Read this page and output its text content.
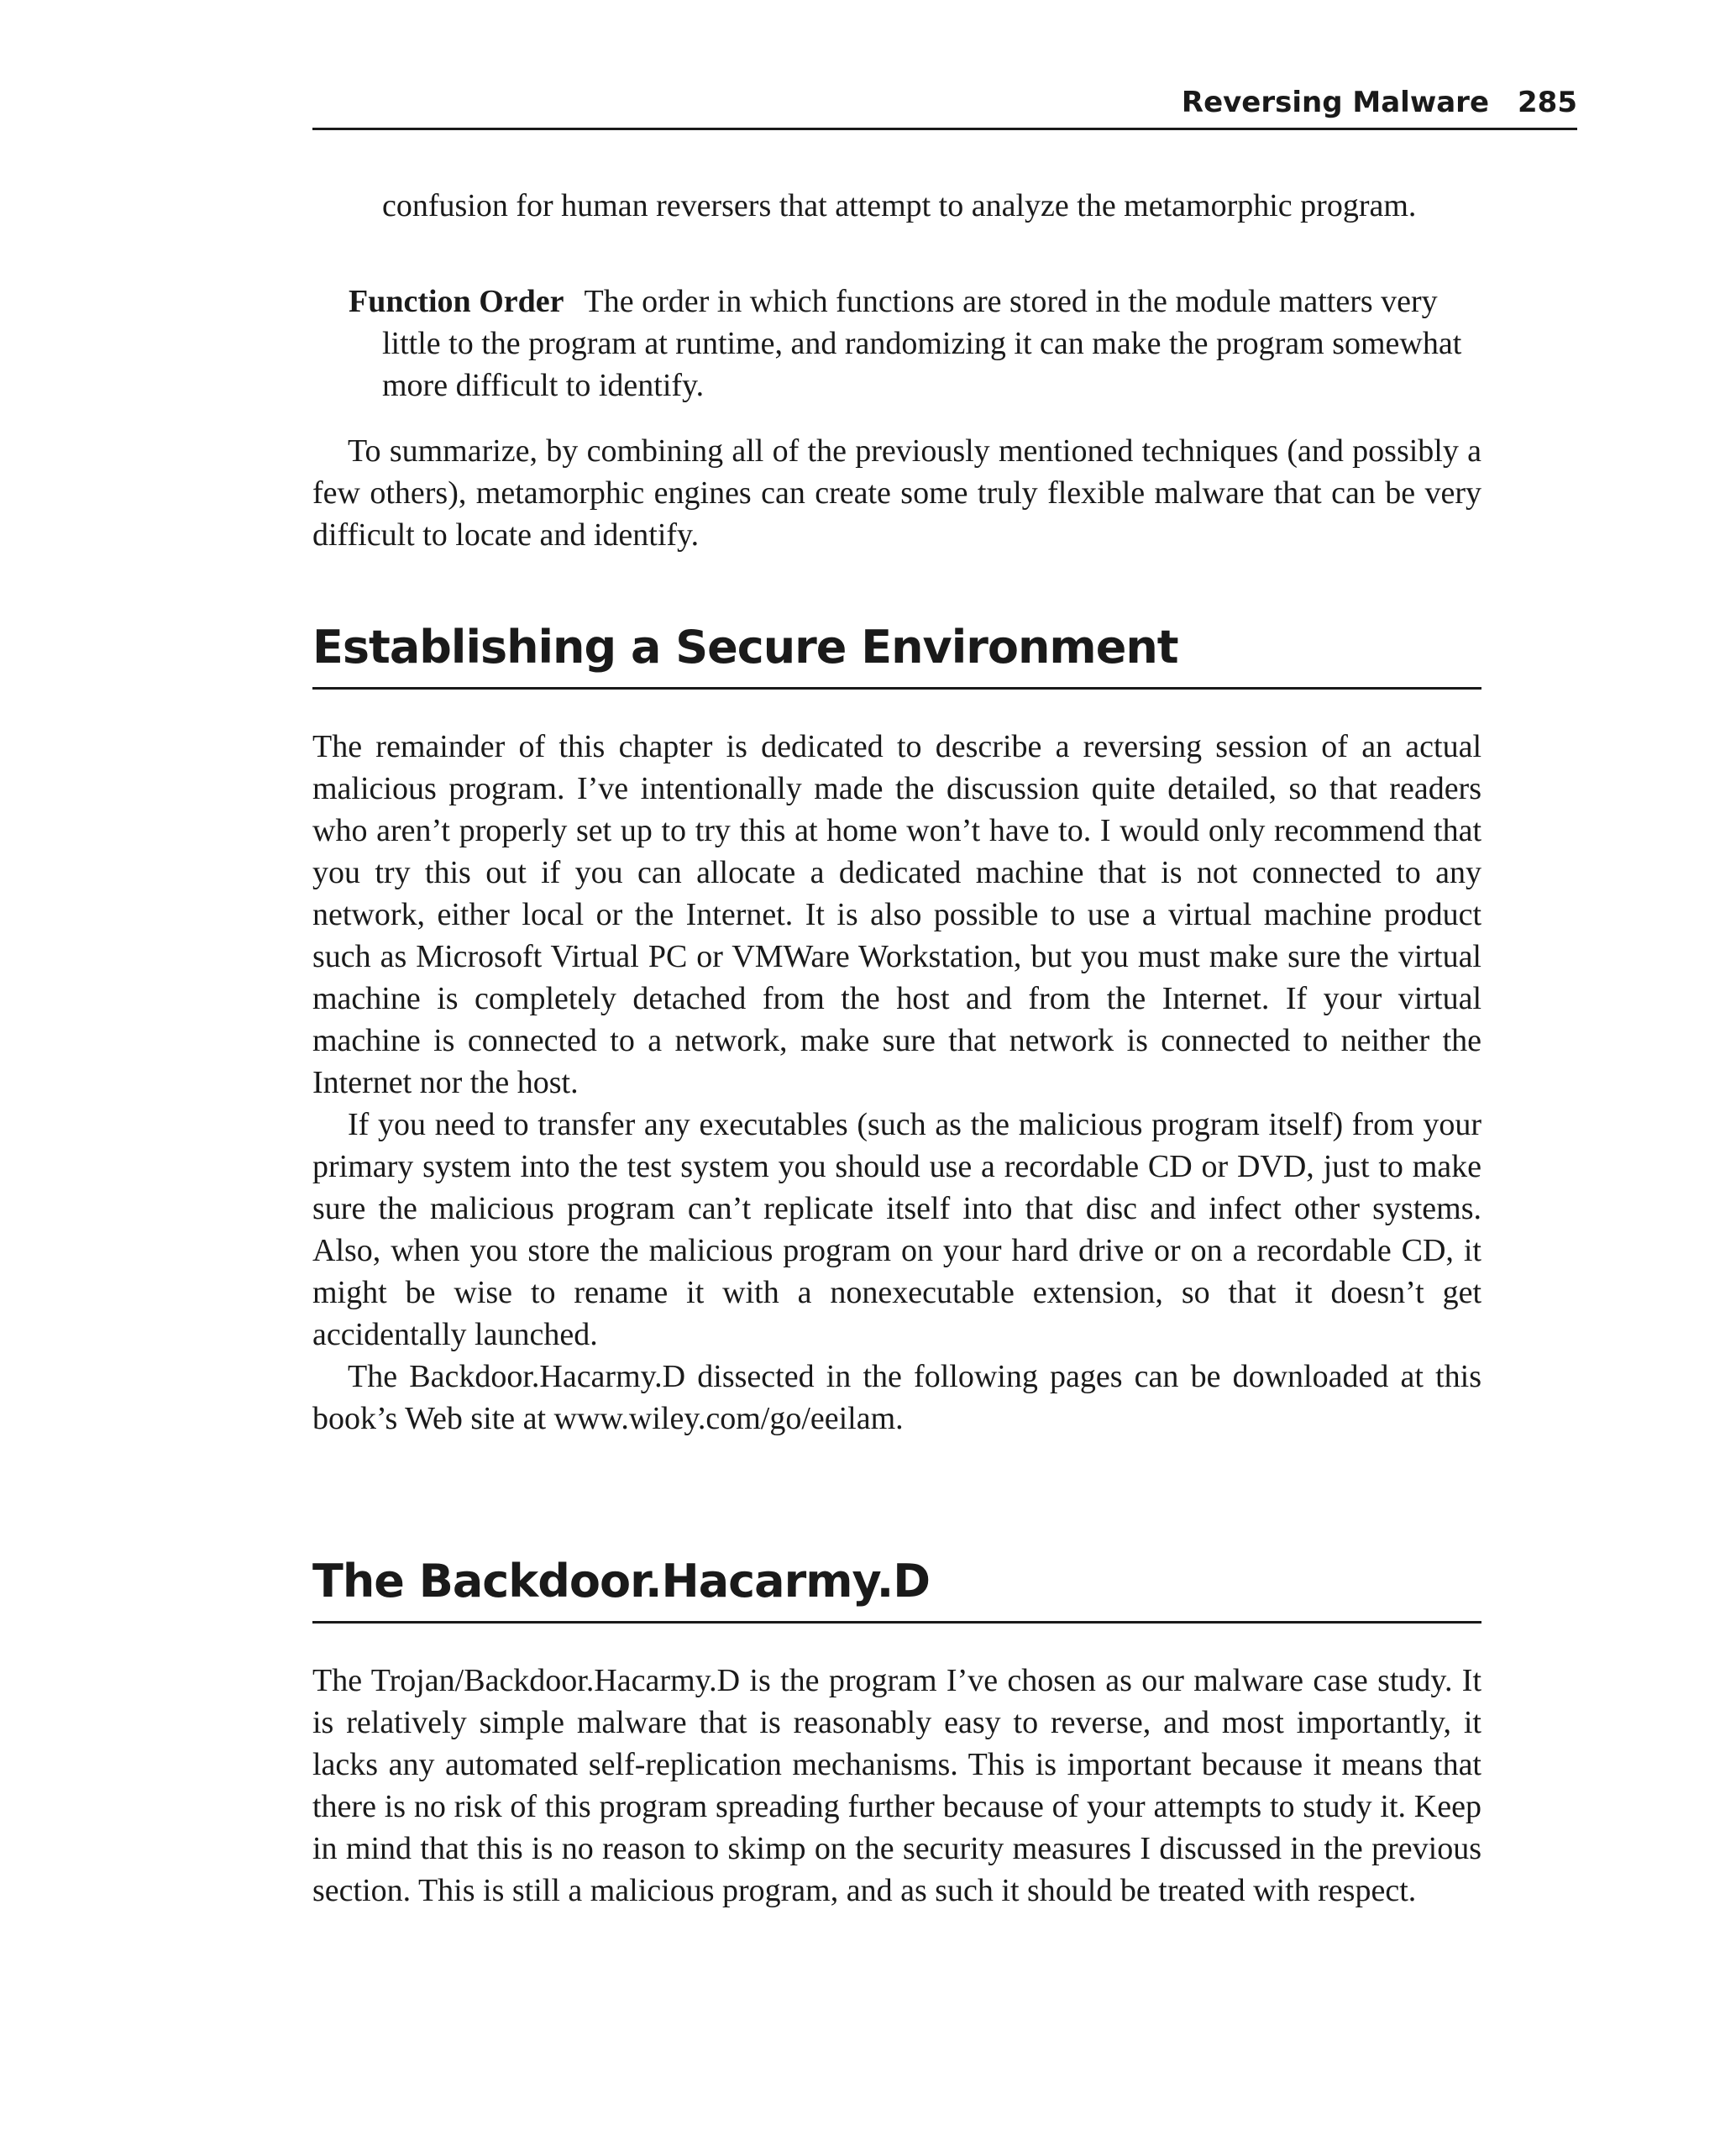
Reversing Malware 285

confusion for human reversers that attempt to analyze the metamorphic program.

Function Order The order in which functions are stored in the module matters very little to the program at runtime, and randomizing it can make the program somewhat more difficult to identify.

To summarize, by combining all of the previously mentioned techniques (and possibly a few others), metamorphic engines can create some truly flexible malware that can be very difficult to locate and identify.

Establishing a Secure Environment

The remainder of this chapter is dedicated to describe a reversing session of an actual malicious program. I’ve intentionally made the discussion quite detailed, so that readers who aren’t properly set up to try this at home won’t have to. I would only recommend that you try this out if you can allocate a dedicated machine that is not connected to any network, either local or the Internet. It is also possible to use a virtual machine product such as Microsoft Virtual PC or VMWare Workstation, but you must make sure the virtual machine is completely detached from the host and from the Internet. If your virtual machine is connected to a network, make sure that network is connected to neither the Internet nor the host.

If you need to transfer any executables (such as the malicious program itself) from your primary system into the test system you should use a recordable CD or DVD, just to make sure the malicious program can’t replicate itself into that disc and infect other systems. Also, when you store the malicious program on your hard drive or on a recordable CD, it might be wise to rename it with a nonexecutable extension, so that it doesn’t get accidentally launched.

The Backdoor.Hacarmy.D dissected in the following pages can be downloaded at this book’s Web site at www.wiley.com/go/eeilam.

The Backdoor.Hacarmy.D

The Trojan/Backdoor.Hacarmy.D is the program I’ve chosen as our malware case study. It is relatively simple malware that is reasonably easy to reverse, and most importantly, it lacks any automated self-replication mechanisms. This is important because it means that there is no risk of this program spreading further because of your attempts to study it. Keep in mind that this is no reason to skimp on the security measures I discussed in the previous section. This is still a malicious program, and as such it should be treated with respect.
